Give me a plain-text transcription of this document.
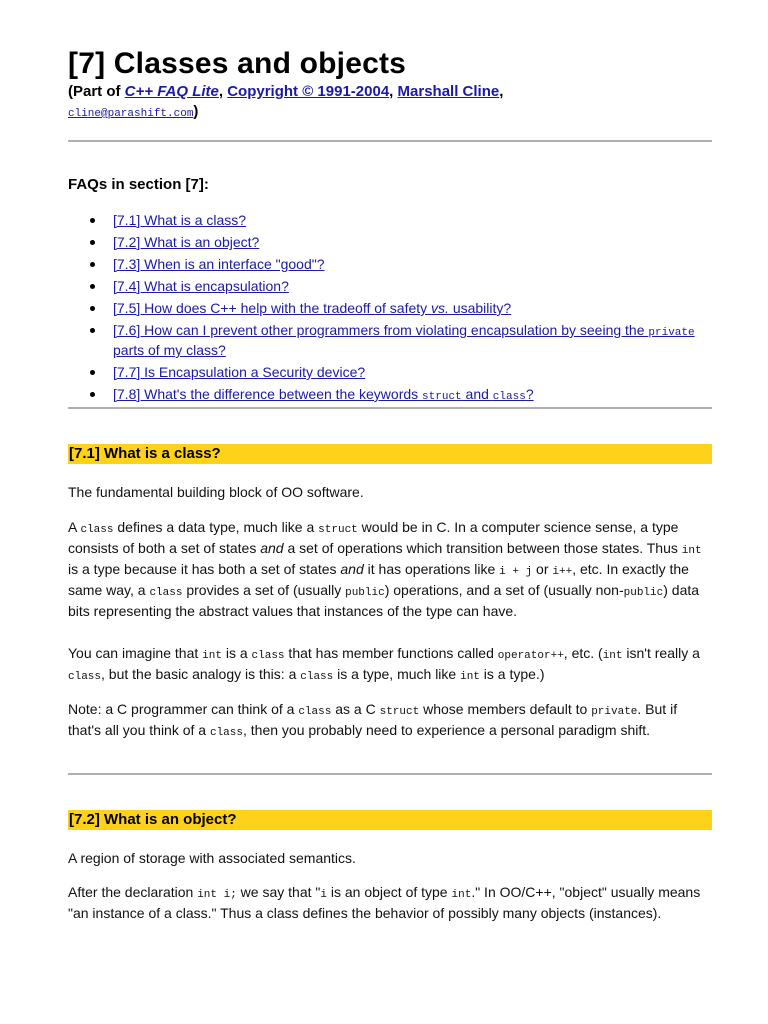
[7] Classes and objects
(Part of C++ FAQ Lite, Copyright © 1991-2004, Marshall Cline,
cline@parashift.com)
FAQs in section [7]:
[7.1] What is a class?
[7.2] What is an object?
[7.3] When is an interface "good"?
[7.4] What is encapsulation?
[7.5] How does C++ help with the tradeoff of safety vs. usability?
[7.6] How can I prevent other programmers from violating encapsulation by seeing the private parts of my class?
[7.7] Is Encapsulation a Security device?
[7.8] What's the difference between the keywords struct and class?
[7.1] What is a class?
The fundamental building block of OO software.
A class defines a data type, much like a struct would be in C. In a computer science sense, a type consists of both a set of states and a set of operations which transition between those states. Thus int is a type because it has both a set of states and it has operations like i + j or i++, etc. In exactly the same way, a class provides a set of (usually public) operations, and a set of (usually non-public) data bits representing the abstract values that instances of the type can have.
You can imagine that int is a class that has member functions called operator++, etc. (int isn't really a class, but the basic analogy is this: a class is a type, much like int is a type.)
Note: a C programmer can think of a class as a C struct whose members default to private. But if that's all you think of a class, then you probably need to experience a personal paradigm shift.
[7.2] What is an object?
A region of storage with associated semantics.
After the declaration int i; we say that "i is an object of type int." In OO/C++, "object" usually means "an instance of a class." Thus a class defines the behavior of possibly many objects (instances).
